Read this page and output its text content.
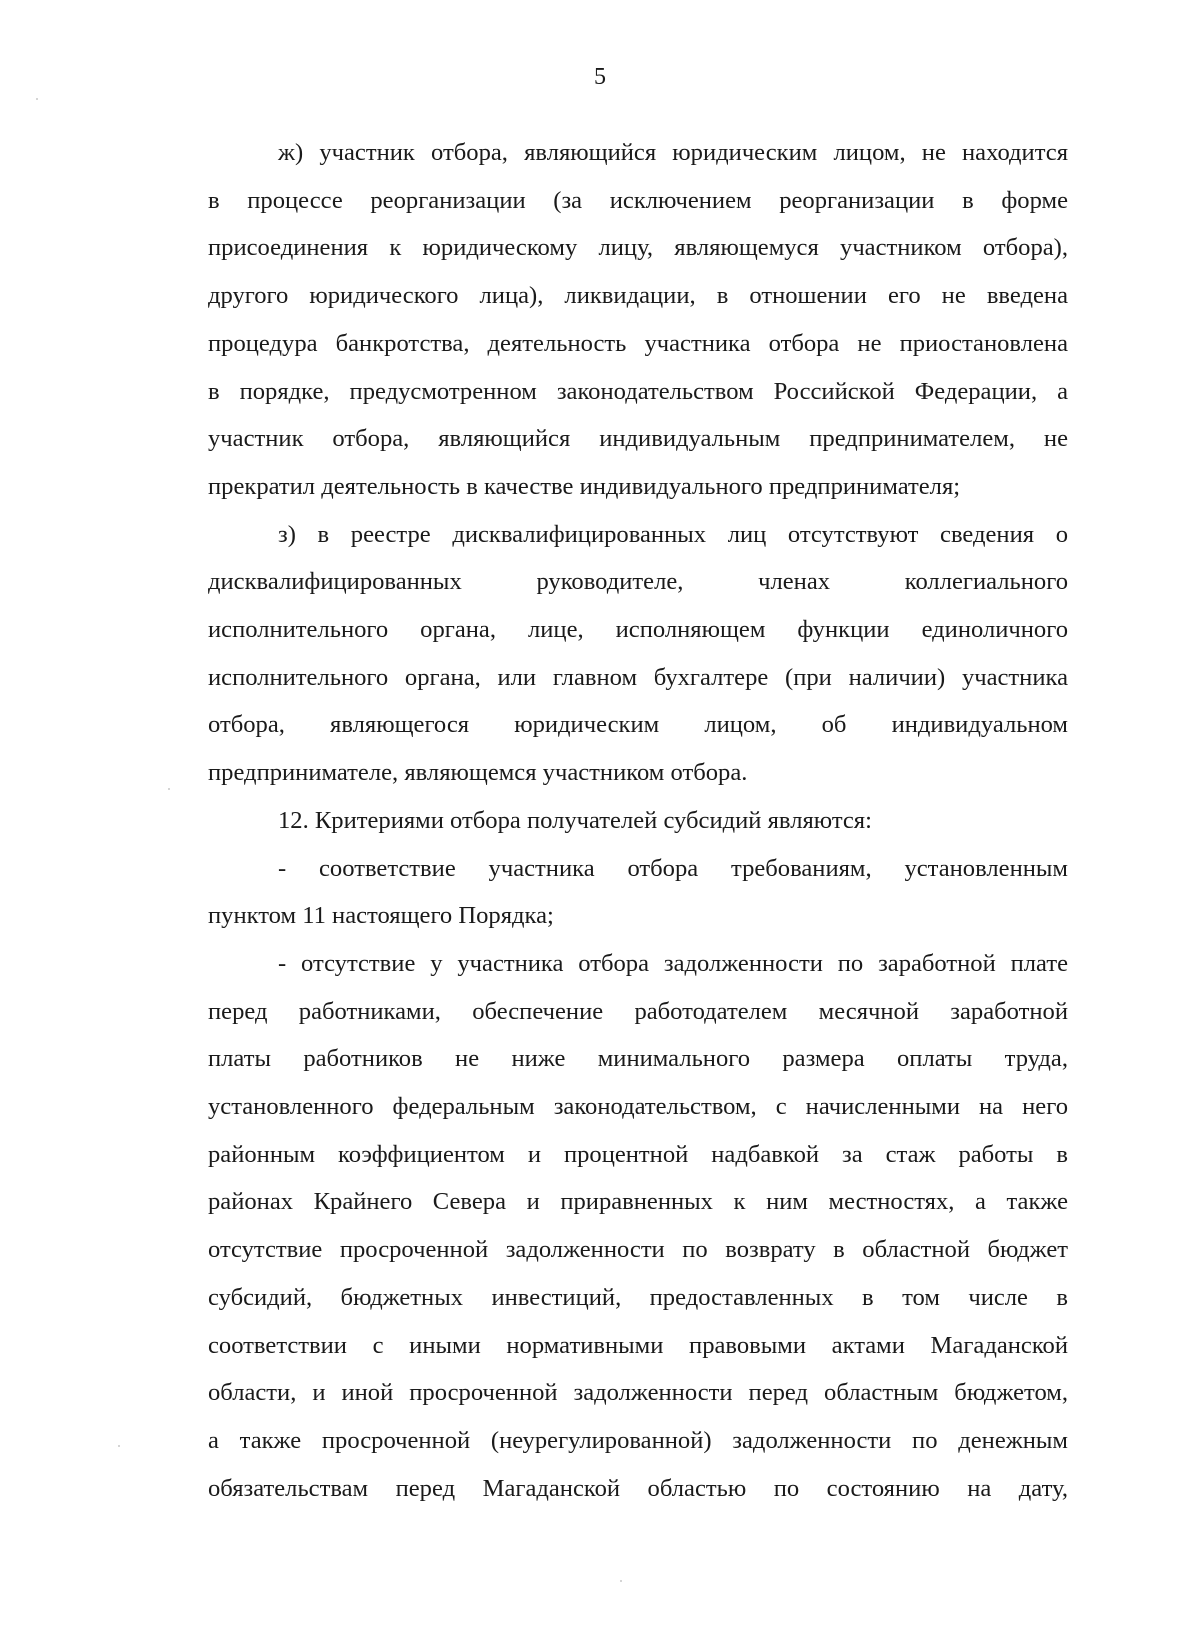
5
ж) участник отбора, являющийся юридическим лицом, не находится
в процессе реорганизации (за исключением реорганизации в форме
присоединения к юридическому лицу, являющемуся участником отбора),
другого юридического лица), ликвидации, в отношении его не введена
процедура банкротства, деятельность участника отбора не приостановлена
в порядке, предусмотренном законодательством Российской Федерации, а
участник отбора, являющийся индивидуальным предпринимателем, не
прекратил деятельность в качестве индивидуального предпринимателя;
з) в реестре дисквалифицированных лиц отсутствуют сведения о
дисквалифицированных руководителе, членах коллегиального
исполнительного органа, лице, исполняющем функции единоличного
исполнительного органа, или главном бухгалтере (при наличии) участника
отбора, являющегося юридическим лицом, об индивидуальном
предпринимателе, являющемся участником отбора.
12. Критериями отбора получателей субсидий являются:
- соответствие участника отбора требованиям, установленным
пунктом 11 настоящего Порядка;
- отсутствие у участника отбора задолженности по заработной плате
перед работниками, обеспечение работодателем месячной заработной
платы работников не ниже минимального размера оплаты труда,
установленного федеральным законодательством, с начисленными на него
районным коэффициентом и процентной надбавкой за стаж работы в
районах Крайнего Севера и приравненных к ним местностях, а также
отсутствие просроченной задолженности по возврату в областной бюджет
субсидий, бюджетных инвестиций, предоставленных в том числе в
соответствии с иными нормативными правовыми актами Магаданской
области, и иной просроченной задолженности перед областным бюджетом,
а также просроченной (неурегулированной) задолженности по денежным
обязательствам перед Магаданской областью по состоянию на дату,
